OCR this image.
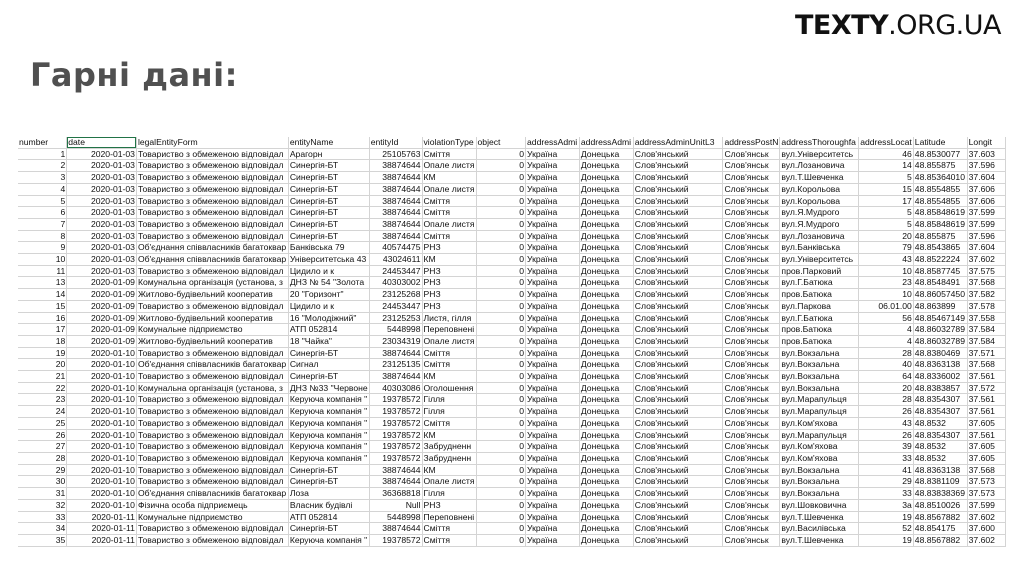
TEXTY.ORG.UA
Гарні дані:
number	date	legalEntityForm	entityName	entityId	violationType	object	addressAdmi	addressAdmi	addressAdminUnitL3	addressPostN	addressThoroughfa	addressLocat	Latitude	Longit
1	2020-01-03	Товариство з обмеженою відповідал	Арагорн	25105763	Сміття	0	Україна	Донецька	Слов'янський	Слов'янськ	вул.Університетсь	46	48.8530077	37.603
2	2020-01-03	Товариство з обмеженою відповідал	Синергія-БТ	38874644	Опале листя	0	Україна	Донецька	Слов'янський	Слов'янськ	вул.Лозановича	14	48.855875	37.596
3	2020-01-03	Товариство з обмеженою відповідал	Синергія-БТ	38874644	КМ	0	Україна	Донецька	Слов'янський	Слов'янськ	вул.Т.Шевченка	5	48.85364010	37.604
4	2020-01-03	Товариство з обмеженою відповідал	Синергія-БТ	38874644	Опале листя	0	Україна	Донецька	Слов'янський	Слов'янськ	вул.Корольова	15	48.8554855	37.606
5	2020-01-03	Товариство з обмеженою відповідал	Синергія-БТ	38874644	Сміття	0	Україна	Донецька	Слов'янський	Слов'янськ	вул.Корольова	17	48.8554855	37.606
6	2020-01-03	Товариство з обмеженою відповідал	Синергія-БТ	38874644	Сміття	0	Україна	Донецька	Слов'янський	Слов'янськ	вул.Я.Мудрого	5	48.85848619	37.599
7	2020-01-03	Товариство з обмеженою відповідал	Синергія-БТ	38874644	Опале листя	0	Україна	Донецька	Слов'янський	Слов'янськ	вул.Я.Мудрого	5	48.85848619	37.599
8	2020-01-03	Товариство з обмеженою відповідал	Синергія-БТ	38874644	Сміття	0	Україна	Донецька	Слов'янський	Слов'янськ	вул.Лозановича	20	48.855875	37.596
9	2020-01-03	Об'єднання співвласників багатоквар	Банківська 79	40574475	РНЗ	0	Україна	Донецька	Слов'янський	Слов'янськ	вул.Банківська	79	48.8543865	37.604
10	2020-01-03	Об'єднання співвласників багатоквар	Університетська 43	43024611	КМ	0	Україна	Донецька	Слов'янський	Слов'янськ	вул.Університетсь	43	48.8522224	37.602
11	2020-01-03	Товариство з обмеженою відповідал	Цидило и к	24453447	РНЗ	0	Україна	Донецька	Слов'янський	Слов'янськ	пров.Парковий	10	48.8587745	37.575
13	2020-01-09	Комунальна організація (установа, з	ДНЗ № 54 "Золота	40303002	РНЗ	0	Україна	Донецька	Слов'янський	Слов'янськ	вул.Г.Батюка	23	48.8548491	37.568
14	2020-01-09	Житлово-будівельний кооператив	20 "Горизонт"	23125268	РНЗ	0	Україна	Донецька	Слов'янський	Слов'янськ	пров.Батюка	10	48.86057450	37.582
15	2020-01-09	Товариство з обмеженою відповідал	Цидило и к	24453447	РНЗ	0	Україна	Донецька	Слов'янський	Слов'янськ	вул.Паркова	06.01.00	48.863899	37.578
16	2020-01-09	Житлово-будівельний кооператив	16 "Молодіжний"	23125253	Листя, гілля	0	Україна	Донецька	Слов'янський	Слов'янськ	вул.Г.Батюка	56	48.85467149	37.558
17	2020-01-09	Комунальне підприємство	АТП 052814	5448998	Переповнені	0	Україна	Донецька	Слов'янський	Слов'янськ	пров.Батюка	4	48.86032789	37.584
18	2020-01-09	Житлово-будівельний кооператив	18 "Чайка"	23034319	Опале листя	0	Україна	Донецька	Слов'янський	Слов'янськ	пров.Батюка	4	48.86032789	37.584
19	2020-01-10	Товариство з обмеженою відповідал	Синергія-БТ	38874644	Сміття	0	Україна	Донецька	Слов'янський	Слов'янськ	вул.Вокзальна	28	48.8380469	37.571
20	2020-01-10	Об'єднання співвласників багатоквар	Сигнал	23125135	Сміття	0	Україна	Донецька	Слов'янський	Слов'янськ	вул.Вокзальна	40	48.8363138	37.568
21	2020-01-10	Товариство з обмеженою відповідал	Синергія-БТ	38874644	КМ	0	Україна	Донецька	Слов'янський	Слов'янськ	вул.Вокзальна	64	48.8336002	37.561
22	2020-01-10	Комунальна організація (установа, з	ДНЗ №33 "Червоне	40303086	Оголошення	0	Україна	Донецька	Слов'янський	Слов'янськ	вул.Вокзальна	20	48.8383857	37.572
23	2020-01-10	Товариство з обмеженою відповідал	Керуюча компанія "	19378572	Гілля	0	Україна	Донецька	Слов'янський	Слов'янськ	вул.Марапульця	28	48.8354307	37.561
24	2020-01-10	Товариство з обмеженою відповідал	Керуюча компанія "	19378572	Гілля	0	Україна	Донецька	Слов'янський	Слов'янськ	вул.Марапульця	26	48.8354307	37.561
25	2020-01-10	Товариство з обмеженою відповідал	Керуюча компанія "	19378572	Сміття	0	Україна	Донецька	Слов'янський	Слов'янськ	вул.Ком'яхова	43	48.8532	37.605
26	2020-01-10	Товариство з обмеженою відповідал	Керуюча компанія "	19378572	КМ	0	Україна	Донецька	Слов'янський	Слов'янськ	вул.Марапульця	26	48.8354307	37.561
27	2020-01-10	Товариство з обмеженою відповідал	Керуюча компанія "	19378572	Забрудненн	0	Україна	Донецька	Слов'янський	Слов'янськ	вул.Ком'яхова	39	48.8532	37.605
28	2020-01-10	Товариство з обмеженою відповідал	Керуюча компанія "	19378572	Забрудненн	0	Україна	Донецька	Слов'янський	Слов'янськ	вул.Ком'яхова	33	48.8532	37.605
29	2020-01-10	Товариство з обмеженою відповідал	Синергія-БТ	38874644	КМ	0	Україна	Донецька	Слов'янський	Слов'янськ	вул.Вокзальна	41	48.8363138	37.568
30	2020-01-10	Товариство з обмеженою відповідал	Синергія-БТ	38874644	Опале листя	0	Україна	Донецька	Слов'янський	Слов'янськ	вул.Вокзальна	29	48.8381109	37.573
31	2020-01-10	Об'єднання співвласників багатоквар	Лоза	36368818	Гілля	0	Україна	Донецька	Слов'янський	Слов'янськ	вул.Вокзальна	33	48.83838369	37.573
32	2020-01-10	Фізична особа підприємець	Власник будівлі	Null	РНЗ	0	Україна	Донецька	Слов'янський	Слов'янськ	вул.Шовковична	3а	48.8510026	37.599
33	2020-01-11	Комунальне підприємство	АТП 052814	5448998	Переповнені	0	Україна	Донецька	Слов'янський	Слов'янськ	вул.Т.Шевченка	19	48.8567882	37.602
34	2020-01-11	Товариство з обмеженою відповідал	Синергія-БТ	38874644	Сміття	0	Україна	Донецька	Слов'янський	Слов'янськ	вул.Василівська	52	48.854175	37.600
35	2020-01-11	Товариство з обмеженою відповідал	Керуюча компанія "	19378572	Сміття	0	Україна	Донецька	Слов'янський	Слов'янськ	вул.Т.Шевченка	19	48.8567882	37.602
